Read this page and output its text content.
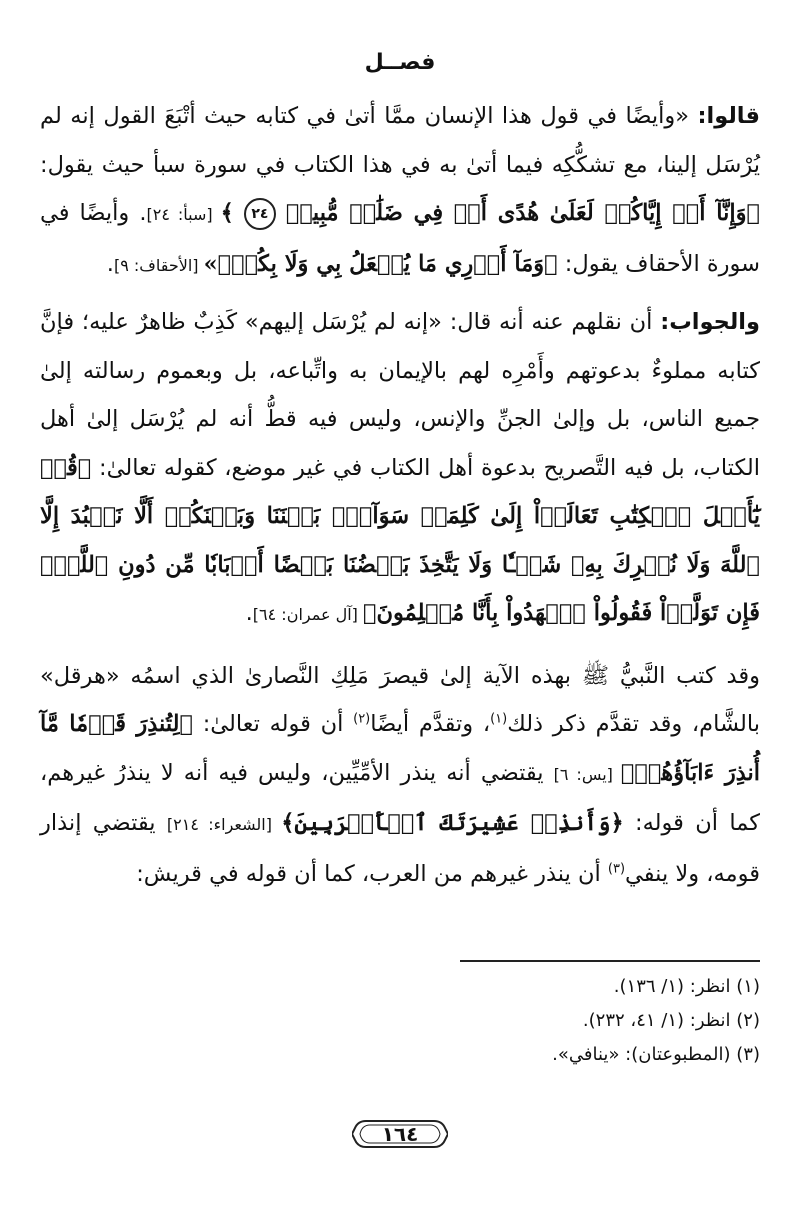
فصــل

قالوا: «وأيضًا في قول هذا الإنسان ممَّا أتىٰ في كتابه حيث أتْبَعَ القول إنه لم يُرْسَل إلينا، مع تشكُّكِه فيما أتىٰ به في هذا الكتاب في سورة سبأ حيث يقول: ﴿وَإِنَّآ أَوۡ إِيَّاكُمۡ لَعَلَىٰ هُدًى أَوۡ فِي ضَلَٰلٖ مُّبِينٖ ٢٤ ﴾ [سبأ: ٢٤]. وأيضًا في سورة الأحقاف يقول: ﴿وَمَآ أَدۡرِي مَا يُفۡعَلُ بِي وَلَا بِكُمۡ﴾» [الأحقاف: ٩].

والجواب: أن نقلهم عنه أنه قال: «إنه لم يُرْسَل إليهم» كَذِبٌ ظاهرٌ عليه؛ فإنَّ كتابه مملوءٌ بدعوتهم وأَمْرِه لهم بالإيمان به واتِّباعه، بل وبعموم رسالته إلىٰ جميع الناس، بل وإلىٰ الجنِّ والإنس، وليس فيه قطُّ أنه لم يُرْسَل إلىٰ أهل الكتاب، بل فيه التَّصريح بدعوة أهل الكتاب في غير موضع، كقوله تعالىٰ: ﴿قُلۡ يَٰٓأَهۡلَ ٱلۡكِتَٰبِ تَعَالَوۡاْ إِلَىٰ كَلِمَةٖ سَوَآءِۭ بَيۡنَنَا وَبَيۡنَكُمۡ أَلَّا نَعۡبُدَ إِلَّا ٱللَّهَ وَلَا نُشۡرِكَ بِهِۦ شَيۡـٔٗا وَلَا يَتَّخِذَ بَعۡضُنَا بَعۡضًا أَرۡبَابٗا مِّن دُونِ ٱللَّهِۚ فَإِن تَوَلَّوۡاْ فَقُولُواْ ٱشۡهَدُواْ بِأَنَّا مُسۡلِمُونَ﴾ [آل عمران: ٦٤].

وقد كتب النَّبيُّ ﷺ بهذه الآية إلىٰ قيصرَ مَلِكِ النَّصارىٰ الذي اسمُه «هرقل» بالشَّام، وقد تقدَّم ذكر ذلك$^{(١)}$، وتقدَّم أيضًا$^{(٢)}$ أن قوله تعالىٰ: ﴿لِتُنذِرَ قَوۡمٗا مَّآ أُنذِرَ ءَابَآؤُهُمۡ﴾ [يس: ٦] يقتضي أنه ينذر الأمِّيِّين، وليس فيه أنه لا ينذرُ غيرهم، كما أن قوله: ﴿وَأَنذِرۡ عَشِيرَتَكَ ٱلۡأَقۡرَبِينَ﴾ [الشعراء: ٢١٤] يقتضي إنذار قومه، ولا ينفي$^{(٣)}$ أن ينذر غيرهم من العرب، كما أن قوله في قريش:

(١) انظر: (١/ ١٣٦).
(٢) انظر: (١/ ٤١، ٢٣٢).
(٣) (المطبوعتان): «ينافي».
١٦٤
